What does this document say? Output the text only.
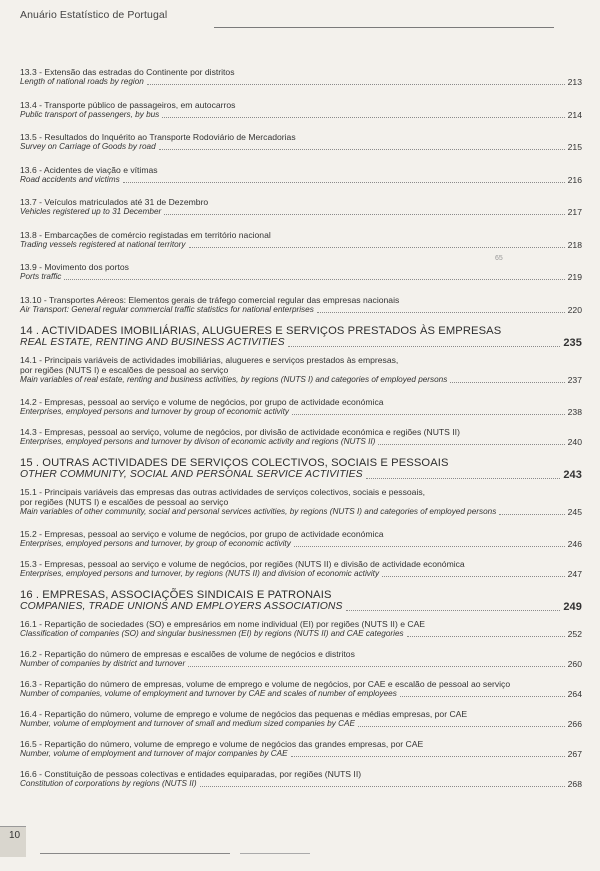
Anuário Estatístico de Portugal
65
13.3 - Extensão das estradas do Continente por distritos
Length of national roads by region	213
13.4 - Transporte público de passageiros, em autocarros
Public transport of passengers, by bus	214
13.5 - Resultados do Inquérito ao Transporte Rodoviário de Mercadorias
Survey on Carriage of Goods by road	215
13.6 - Acidentes de viação e vítimas
Road accidents and victims	216
13.7 - Veículos matriculados até 31 de Dezembro
Vehicles registered up to 31 December	217
13.8 - Embarcações de comércio registadas em território nacional
Trading vessels registered at national territory	218
13.9 - Movimento dos portos
Ports traffic	219
13.10 - Transportes Aéreos: Elementos gerais de tráfego comercial regular das empresas nacionais
Air Transport: General regular commercial traffic statistics for national enterprises	220
14 . ACTIVIDADES IMOBILIÁRIAS, ALUGUERES E SERVIÇOS PRESTADOS ÀS EMPRESAS
REAL ESTATE, RENTING AND BUSINESS ACTIVITIES	235
14.1 - Principais variáveis de actividades imobiliárias, alugueres e serviços prestados às empresas,
por regiões (NUTS I) e escalões de pessoal ao serviço
Main variables of real estate, renting and business activities, by regions (NUTS I) and categories of employed persons	237
14.2 - Empresas, pessoal ao serviço e volume de negócios, por grupo de actividade económica
Enterprises, employed persons and turnover by group of economic activity	238
14.3 - Empresas, pessoal ao serviço, volume de negócios, por divisão de actividade económica e regiões (NUTS II)
Enterprises, employed persons and turnover by divison of economic activity and regions (NUTS II)	240
15 . OUTRAS ACTIVIDADES DE SERVIÇOS COLECTIVOS, SOCIAIS E PESSOAIS
OTHER COMMUNITY, SOCIAL AND PERSONAL SERVICE ACTIVITIES	243
15.1 - Principais variáveis das empresas das outras actividades de serviços colectivos, sociais e pessoais,
por regiões (NUTS I) e escalões de pessoal ao serviço
Main variables of other community, social and personal services activities, by regions (NUTS I) and categories of employed persons	245
15.2 - Empresas, pessoal ao serviço e volume de negócios, por grupo de actividade económica
Enterprises, employed persons and turnover, by group of economic activity	246
15.3 - Empresas, pessoal ao serviço e volume de negócios, por regiões (NUTS II) e divisão de actividade económica
Enterprises, employed persons and turnover, by regions (NUTS II) and division of economic activity	247
16 . EMPRESAS, ASSOCIAÇÕES SINDICAIS E PATRONAIS
COMPANIES, TRADE UNIONS AND EMPLOYERS ASSOCIATIONS	249
16.1 - Repartição de sociedades (SO) e empresários em nome individual (EI) por regiões (NUTS II) e CAE
Classification of companies (SO) and singular businessmen (EI) by regions (NUTS II) and CAE categories	252
16.2 - Repartição do número de empresas e escalões de volume de negócios e distritos
Number of companies by district and turnover	260
16.3 - Repartição do número de empresas, volume de emprego e volume de negócios, por CAE e escalão de pessoal ao serviço
Number of companies, volume of employment and turnover by CAE and scales of number of employees	264
16.4 - Repartição do número, volume de emprego e volume de negócios das pequenas e médias empresas, por CAE
Number, volume of employment and turnover of small and medium sized companies by CAE	266
16.5 - Repartição do número, volume de emprego e volume de negócios das grandes empresas, por CAE
Number, volume of employment and turnover of major companies by CAE	267
16.6 - Constituição de pessoas colectivas e entidades equiparadas, por regiões (NUTS II)
Constitution of corporations by regions (NUTS II)	268
10
